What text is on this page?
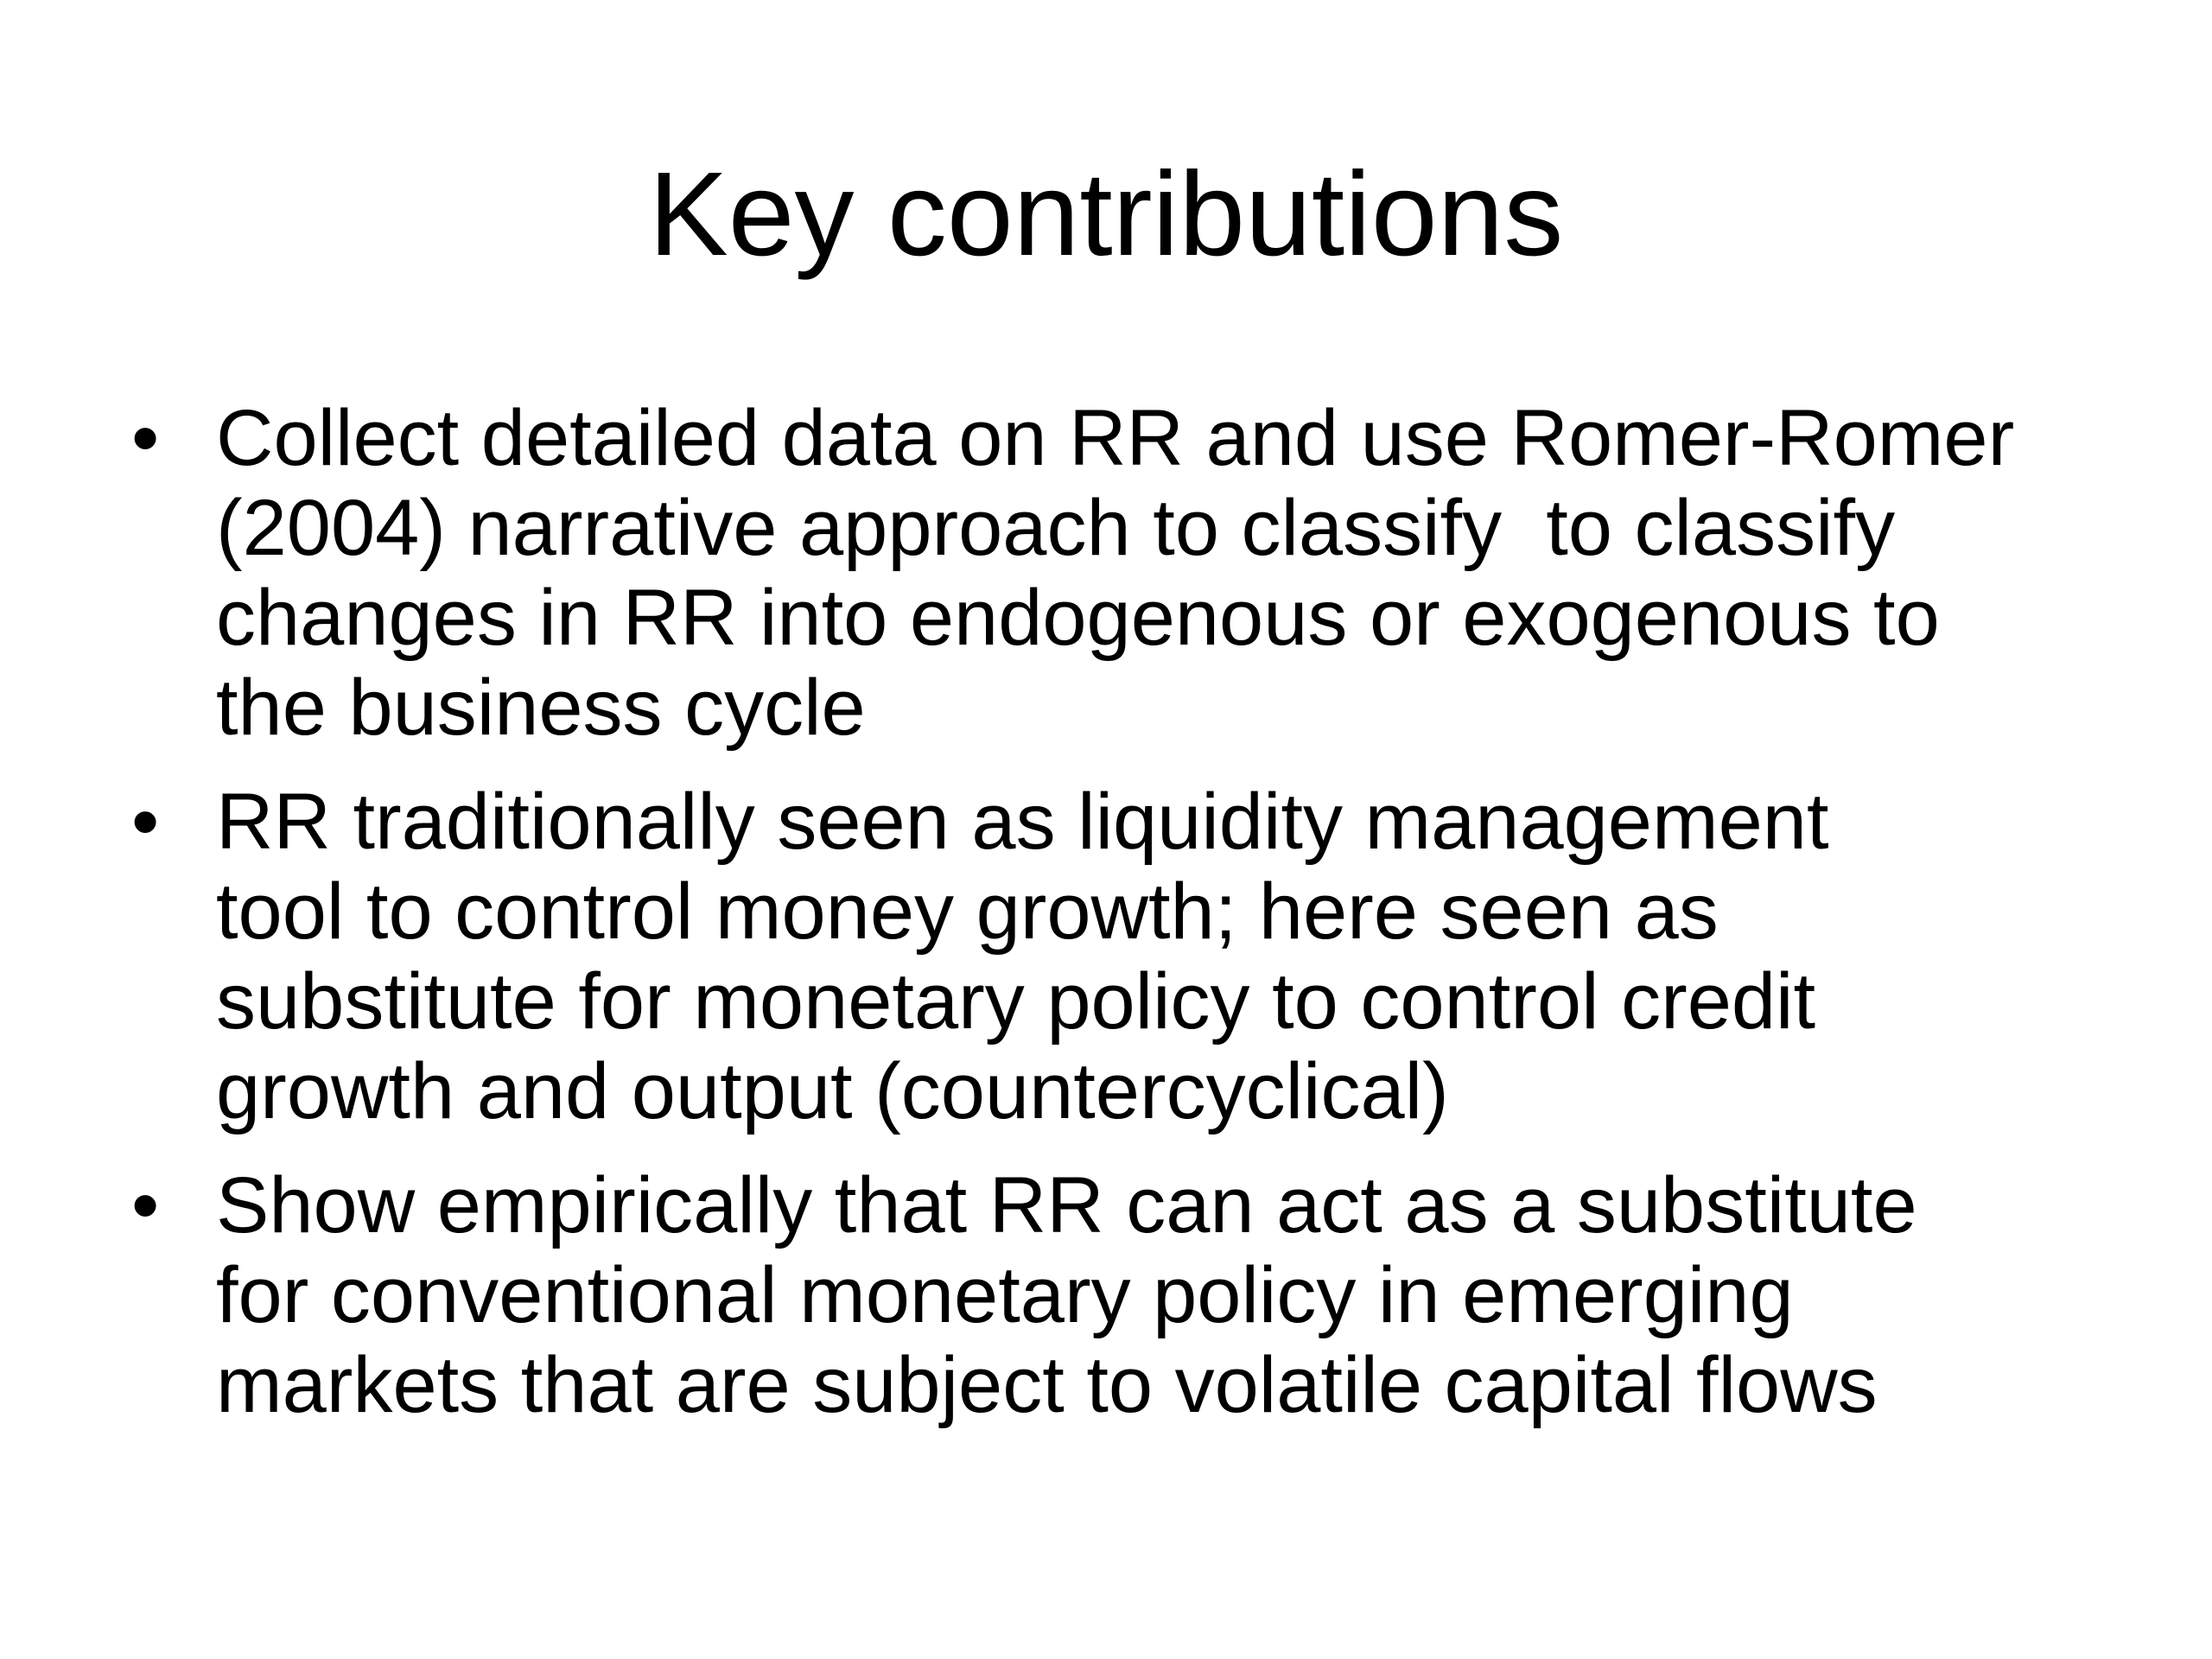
Key contributions
• Collect detailed data on RR and use Romer-Romer
(2004) narrative approach to classify  to classify
changes in RR into endogenous or exogenous to
the business cycle
• RR traditionally seen as liquidity management
tool to control money growth; here seen as
substitute for monetary policy to control credit
growth and output (countercyclical)
• Show empirically that RR can act as a substitute
for conventional monetary policy in emerging
markets that are subject to volatile capital flows
